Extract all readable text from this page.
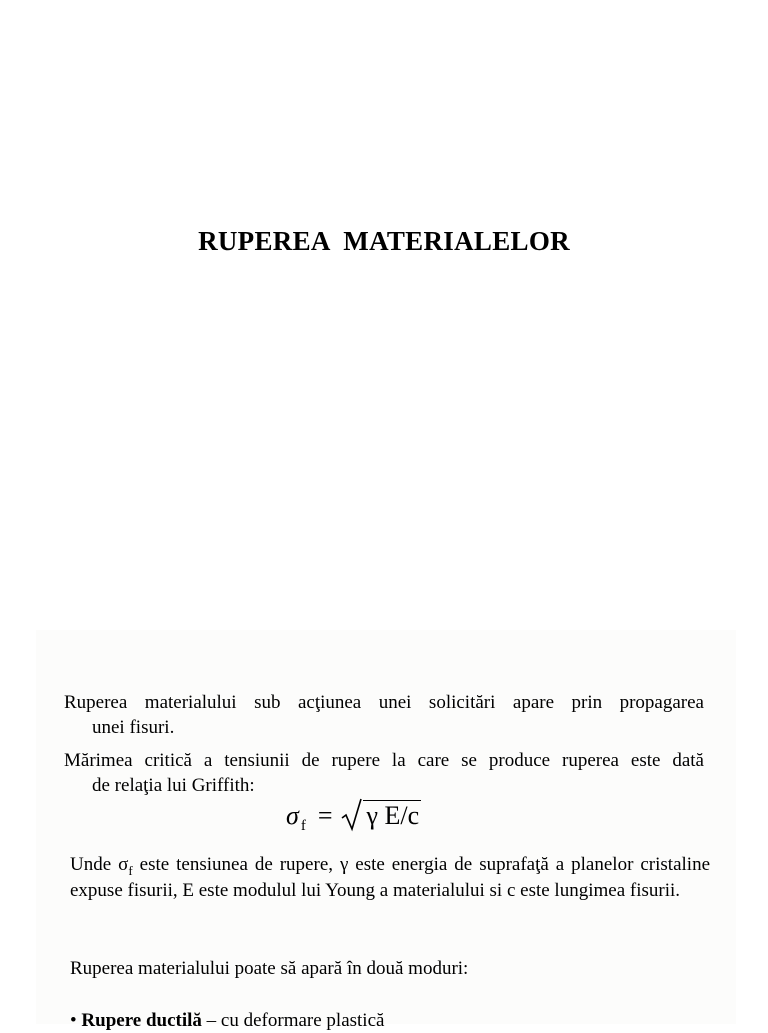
RUPEREA  MATERIALELOR
Ruperea materialului sub acţiunea unei solicitări apare prin propagarea
unei fisuri.
Mărimea critică a tensiunii de rupere la care se produce ruperea este dată
de relaţia lui Griffith:
σ $_f$ = γ E/c
Unde $\sigma_f$ este tensiunea de rupere, γ este energia de suprafaţă a planelor cristaline expuse fisurii, E este modulul lui Young a materialului si c este lungimea fisurii.
Ruperea materialului poate să apară în două moduri:
• Rupere ductilă – cu deformare plastică
